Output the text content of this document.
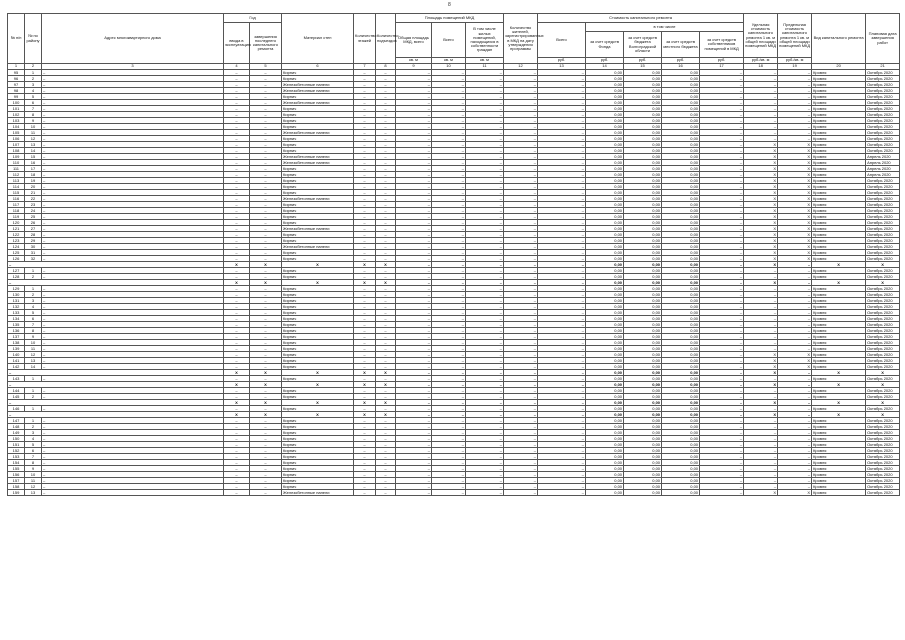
8
№ п/п	№ по району	Адрес многоквартирного дома	Год		Материал стен	Количество этажей	Количество подъездов	Площадь помещений МКД			Количество жителей, зарегистрированных в МКД на дату утверждения программы	Стоимость капитального ремонта					Удельная стоимость капитального ремонта 1 кв. м общей площади помещений МКД	Предельная стоимость капитального ремонта 1 кв. м общей площади помещений МКД	Вид капитального ремонта	Плановая дата завершения работ
			ввода в эксплуатацию	завершения последнего капитального ремонта				Общая площадь МКД, всего	Всего	В том числе жилых помещений, находящихся в собственности граждан		Всего	в том числе							
													за счет средств Фонда	за счет средств бюджета Волгоградской области	за счет средств местного бюджета	за счет средств собственников помещений в МКД				
								кв. м	кв. м	кв. м		руб.	руб.	руб.	руб.	руб.	руб./кв. м	руб./кв. м		
1	2	3	4	5	6	7	8	9	10	11	12	13	14	15	16	17	18	19	20	21
95	1	–	–	–	Кирпич	–	–	–	–	–	–	–	0,00	0,00	0,00	–	–	–	Кровля	Октябрь 2020
96	2	–	–	–	Кирпич	–	–	–	–	–	–	–	0,00	0,00	0,00	–	–	–	Кровля	Октябрь 2020
97	3	–	–	–	Железобетонные панели	–	–	–	–	–	–	–	0,00	0,00	0,00	–	–	–	Кровля	Октябрь 2020
98	4	–	–	–	Железобетонные панели	–	–	–	–	–	–	–	0,00	0,00	0,00	–	–	–	Кровля	Октябрь 2020
99	5	–	–	–	Кирпич	–	–	–	–	–	–	–	0,00	0,00	0,00	–	–	–	Кровля	Октябрь 2020
100	6	–	–	–	Железобетонные панели	–	–	–	–	–	–	–	0,00	0,00	0,00	–	–	–	Кровля	Октябрь 2020
101	7	–	–	–	Кирпич	–	–	–	–	–	–	–	0,00	0,00	0,00	–	–	–	Кровля	Октябрь 2020
102	8	–	–	–	Кирпич	–	–	–	–	–	–	–	0,00	0,00	0,00	–	–	–	Кровля	Октябрь 2020
103	9	–	–	–	Кирпич	–	–	–	–	–	–	–	0,00	0,00	0,00	–	–	–	Кровля	Октябрь 2020
104	10	–	–	–	Кирпич	–	–	–	–	–	–	–	0,00	0,00	0,00	–	–	–	Кровля	Октябрь 2020
105	11	–	–	–	Железобетонные панели	–	–	–	–	–	–	–	0,00	0,00	0,00	–	–	–	Кровля	Октябрь 2020
106	12	–	–	–	Кирпич	–	–	–	–	–	–	–	0,00	0,00	0,00	–	–	–	Кровля	Октябрь 2020
107	13	–	–	–	Кирпич	–	–	–	–	–	–	–	0,00	0,00	0,00	–	X	X	Кровля	Октябрь 2020
108	14	–	–	–	Кирпич	–	–	–	–	–	–	–	0,00	0,00	0,00	–	X	X	Кровля	Октябрь 2020
109	15	–	–	–	Железобетонные панели	–	–	–	–	–	–	–	0,00	0,00	0,00	–	X	X	Кровля	Апрель 2020
110	16	–	–	–	Железобетонные панели	–	–	–	–	–	–	–	0,00	0,00	0,00	–	X	X	Кровля	Апрель 2020
111	17	–	–	–	Кирпич	–	–	–	–	–	–	–	0,00	0,00	0,00	–	X	X	Кровля	Апрель 2020
112	18	–	–	–	Кирпич	–	–	–	–	–	–	–	0,00	0,00	0,00	–	X	X	Кровля	Апрель 2020
113	19	–	–	–	Кирпич	–	–	–	–	–	–	–	0,00	0,00	0,00	–	X	X	Кровля	Октябрь 2020
114	20	–	–	–	Кирпич	–	–	–	–	–	–	–	0,00	0,00	0,00	–	X	X	Кровля	Октябрь 2020
115	21	–	–	–	Кирпич	–	–	–	–	–	–	–	0,00	0,00	0,00	–	X	X	Кровля	Октябрь 2020
116	22	–	–	–	Железобетонные панели	–	–	–	–	–	–	–	0,00	0,00	0,00	–	X	X	Кровля	Октябрь 2020
117	23	–	–	–	Кирпич	–	–	–	–	–	–	–	0,00	0,00	0,00	–	X	X	Кровля	Октябрь 2020
118	24	–	–	–	Кирпич	–	–	–	–	–	–	–	0,00	0,00	0,00	–	X	X	Кровля	Октябрь 2020
119	25	–	–	–	Кирпич	–	–	–	–	–	–	–	0,00	0,00	0,00	–	X	X	Кровля	Октябрь 2020
120	26	–	–	–	Кирпич	–	–	–	–	–	–	–	0,00	0,00	0,00	–	X	X	Кровля	Октябрь 2020
121	27	–	–	–	Железобетонные панели	–	–	–	–	–	–	–	0,00	0,00	0,00	–	X	X	Кровля	Октябрь 2020
122	28	–	–	–	Кирпич	–	–	–	–	–	–	–	0,00	0,00	0,00	–	X	X	Кровля	Октябрь 2020
123	29	–	–	–	Кирпич	–	–	–	–	–	–	–	0,00	0,00	0,00	–	X	X	Кровля	Октябрь 2020
124	30	–	–	–	Железобетонные панели	–	–	–	–	–	–	–	0,00	0,00	0,00	–	X	X	Кровля	Октябрь 2020
125	31	–	–	–	Кирпич	–	–	–	–	–	–	–	0,00	0,00	0,00	–	X	X	Кровля	Октябрь 2020
126	32	–	–	–	Кирпич	–	–	–	–	–	–	–	0,00	0,00	0,00	–	X	X	Кровля	Октябрь 2020
–			X	X	X	X	X	–	–	–	–	–	0,00	0,00	0,00	–	X	–	X	X
127	1	–	–	–	Кирпич	–	–	–	–	–	–	–	0,00	0,00	0,00	–	–	–	Кровля	Октябрь 2020
128	2	–	–	–	Кирпич	–	–	–	–	–	–	–	0,00	0,00	0,00	–	–	–	Кровля	Октябрь 2020
–			X	X	X	X	X	–	–	–	–	–	0,00	0,00	0,00	–	X	–	X	X
129	1	–	–	–	Кирпич	–	–	–	–	–	–	–	0,00	0,00	0,00	–	–	–	Кровля	Октябрь 2020
130	2	–	–	–	Кирпич	–	–	–	–	–	–	–	0,00	0,00	0,00	–	–	–	Кровля	Октябрь 2020
131	3	–	–	–	Кирпич	–	–	–	–	–	–	–	0,00	0,00	0,00	–	–	–	Кровля	Октябрь 2020
132	4	–	–	–	Кирпич	–	–	–	–	–	–	–	0,00	0,00	0,00	–	–	–	Кровля	Октябрь 2020
133	5	–	–	–	Кирпич	–	–	–	–	–	–	–	0,00	0,00	0,00	–	–	–	Кровля	Октябрь 2020
134	6	–	–	–	Кирпич	–	–	–	–	–	–	–	0,00	0,00	0,00	–	–	–	Кровля	Октябрь 2020
135	7	–	–	–	Кирпич	–	–	–	–	–	–	–	0,00	0,00	0,00	–	–	–	Кровля	Октябрь 2020
136	8	–	–	–	Кирпич	–	–	–	–	–	–	–	0,00	0,00	0,00	–	–	–	Кровля	Октябрь 2020
137	9	–	–	–	Кирпич	–	–	–	–	–	–	–	0,00	0,00	0,00	–	–	–	Кровля	Октябрь 2020
138	10	–	–	–	Кирпич	–	–	–	–	–	–	–	0,00	0,00	0,00	–	–	–	Кровля	Октябрь 2020
139	11	–	–	–	Кирпич	–	–	–	–	–	–	–	0,00	0,00	0,00	–	–	–	Кровля	Октябрь 2020
140	12	–	–	–	Кирпич	–	–	–	–	–	–	–	0,00	0,00	0,00	–	X	X	Кровля	Октябрь 2020
141	13	–	–	–	Кирпич	–	–	–	–	–	–	–	0,00	0,00	0,00	–	X	X	Кровля	Октябрь 2020
142	14	–	–	–	Кирпич	–	–	–	–	–	–	–	0,00	0,00	0,00	–	X	X	Кровля	Октябрь 2020
–			X	X	X	X	X	–	–	–	–	–	0,00	0,00	0,00	–	X	–	X	X
143	1	–	–	–	Кирпич	–	–	–	–	–	–	–	0,00	0,00	0,00	–	–	–	Кровля	Октябрь 2020
–			X	X	X	X	X	–	–	–	–	–	0,00	0,00	0,00	–	X	–	X	X
144	1	–	–	–	Кирпич	–	–	–	–	–	–	–	0,00	0,00	0,00	–	–	–	Кровля	Октябрь 2020
145	2	–	–	–	Кирпич	–	–	–	–	–	–	–	0,00	0,00	0,00	–	–	–	Кровля	Октябрь 2020
–			X	X	X	X	X	–	–	–	–	–	0,00	0,00	0,00	–	X	–	X	X
146	1	–	–	–	Кирпич	–	–	–	–	–	–	–	0,00	0,00	0,00	–	–	–	Кровля	Октябрь 2020
–			X	X	X	X	X	–	–	–	–	–	0,00	0,00	0,00	–	X	–	X	X
147	1	–	–	–	Кирпич	–	–	–	–	–	–	–	0,00	0,00	0,00	–	–	–	Кровля	Октябрь 2020
148	2	–	–	–	Кирпич	–	–	–	–	–	–	–	0,00	0,00	0,00	–	–	–	Кровля	Октябрь 2020
149	3	–	–	–	Кирпич	–	–	–	–	–	–	–	0,00	0,00	0,00	–	–	–	Кровля	Октябрь 2020
150	4	–	–	–	Кирпич	–	–	–	–	–	–	–	0,00	0,00	0,00	–	–	–	Кровля	Октябрь 2020
151	5	–	–	–	Кирпич	–	–	–	–	–	–	–	0,00	0,00	0,00	–	–	–	Кровля	Октябрь 2020
152	6	–	–	–	Кирпич	–	–	–	–	–	–	–	0,00	0,00	0,00	–	–	–	Кровля	Октябрь 2020
153	7	–	–	–	Кирпич	–	–	–	–	–	–	–	0,00	0,00	0,00	–	–	–	Кровля	Октябрь 2020
154	8	–	–	–	Кирпич	–	–	–	–	–	–	–	0,00	0,00	0,00	–	–	–	Кровля	Октябрь 2020
155	9	–	–	–	Кирпич	–	–	–	–	–	–	–	0,00	0,00	0,00	–	–	–	Кровля	Октябрь 2020
156	10	–	–	–	Кирпич	–	–	–	–	–	–	–	0,00	0,00	0,00	–	–	–	Кровля	Октябрь 2020
157	11	–	–	–	Кирпич	–	–	–	–	–	–	–	0,00	0,00	0,00	–	–	–	Кровля	Октябрь 2020
158	12	–	–	–	Кирпич	–	–	–	–	–	–	–	0,00	0,00	0,00	–	–	–	Кровля	Октябрь 2020
159	13	–	–	–	Железобетонные панели	–	–	–	–	–	–	–	0,00	0,00	0,00	–	X	X	Кровля	Октябрь 2020
